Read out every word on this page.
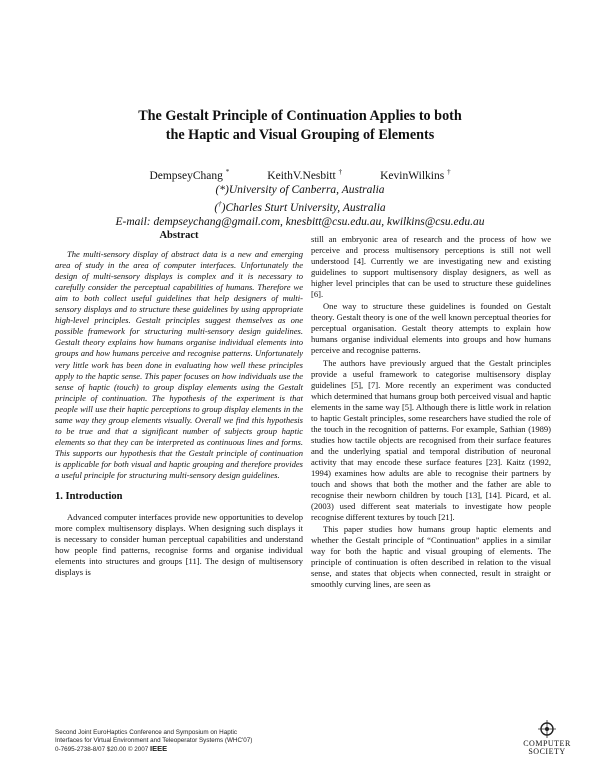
The Gestalt Principle of Continuation Applies to both
the Haptic and Visual Grouping of Elements
DempseyChang *	KeithV.Nesbitt †	KevinWilkins †
(*)University of Canberra, Australia
(†)Charles Sturt University, Australia
E-mail: dempseychang@gmail.com, knesbitt@csu.edu.au, kwilkins@csu.edu.au
Abstract

The multi-sensory display of abstract data is a new and emerging area of study in the area of computer interfaces. Unfortunately the design of multi-sensory displays is complex and it is necessary to carefully consider the perceptual capabilities of humans. Therefore we aim to both collect useful guidelines that help designers of multi-sensory displays and to structure these guidelines by using appropriate high-level principles. Gestalt principles suggest themselves as one possible framework for structuring multi-sensory design guidelines. Gestalt theory explains how humans organise individual elements into groups and how humans perceive and recognise patterns. Unfortunately very little work has been done in evaluating how well these principles apply to the haptic sense. This paper focuses on how individuals use the sense of haptic (touch) to group display elements using the Gestalt principle of continuation. The hypothesis of the experiment is that people will use their haptic perceptions to group display elements in the same way they group elements visually. Overall we find this hypothesis to be true and that a significant number of subjects group haptic elements so that they can be interpreted as continuous lines and forms. This supports our hypothesis that the Gestalt principle of continuation is applicable for both visual and haptic grouping and therefore provides a useful principle for structuring multi-sensory design guidelines.

1. Introduction

Advanced computer interfaces provide new opportunities to develop more complex multisensory displays. When designing such displays it is necessary to consider human perceptual capabilities and understand how people find patterns, recognise forms and organise individual elements into structures and groups [11]. The design of multisensory displays is

still an embryonic area of research and the process of how we perceive and process multisensory perceptions is still not well understood [4]. Currently we are investigating new and existing guidelines to support multisensory display designers, as well as higher level principles that can be used to structure these guidelines [6].

One way to structure these guidelines is founded on Gestalt theory. Gestalt theory is one of the well known perceptual theories for perceptual organisation. Gestalt theory attempts to explain how humans organise individual elements into groups and how humans perceive and recognise patterns.

The authors have previously argued that the Gestalt principles provide a useful framework to categorise multisensory display guidelines [5], [7]. More recently an experiment was conducted which determined that humans group both perceived visual and haptic elements in the same way [5]. Although there is little work in relation to haptic Gestalt principles, some researchers have studied the role of the touch in the recognition of patterns. For example, Sathian (1989) studies how tactile objects are recognised from their surface features and the underlying spatial and temporal distribution of neuronal activity that may encode these surface features [23]. Kaitz (1992, 1994) examines how adults are able to recognise their partners by touch and shows that both the mother and the father are able to recognise their newborn children by touch [13], [14]. Picard, et al. (2003) used different seat materials to investigate how people recognise different textures by touch [21].

This paper studies how humans group haptic elements and whether the Gestalt principle of “Continuation” applies in a similar way for both the haptic and visual grouping of elements. The principle of continuation is often described in relation to the visual sense, and states that objects when connected, result in straight or smoothly curving lines, are seen as

Second Joint EuroHaptics Conference and Symposium on Haptic
Interfaces for Virtual Environment and Teleoperator Systems (WHC'07)
0-7695-2738-8/07 $20.00 © 2007 IEEE
COMPUTER
SOCIETY
